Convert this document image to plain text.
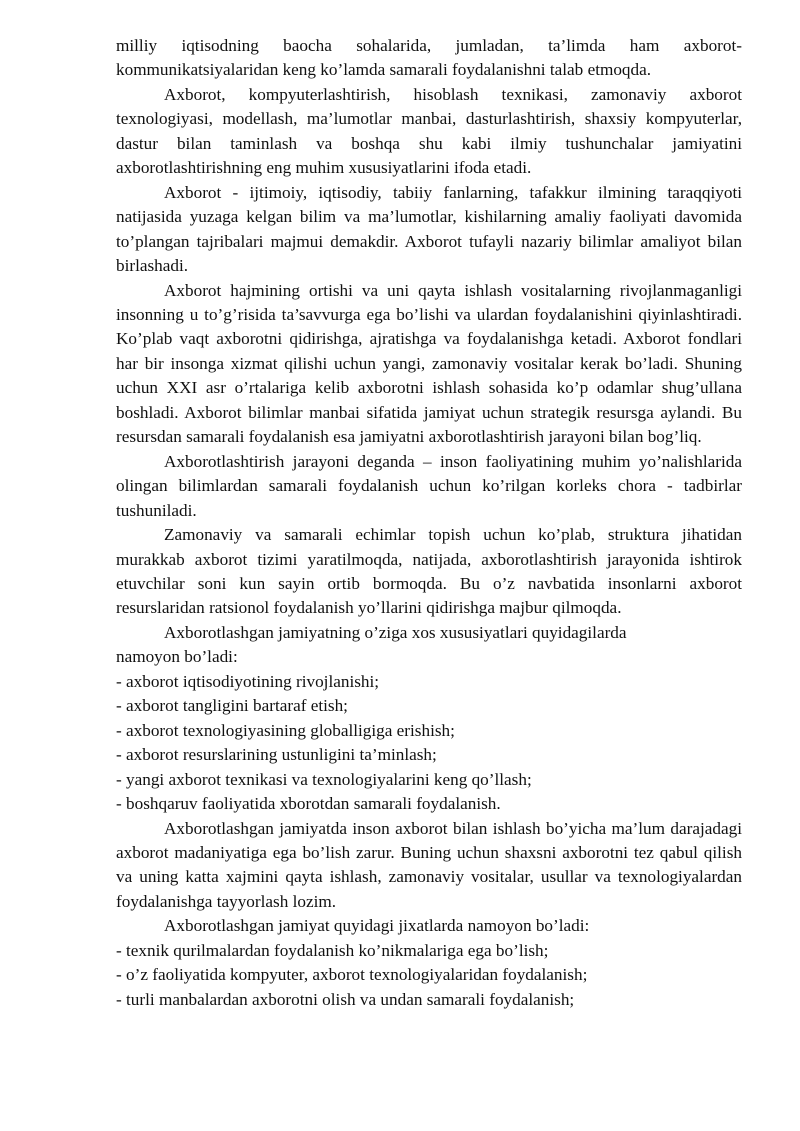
milliy iqtisodning baocha sohalarida, jumladan, ta’limda ham axborot-kommunikatsiyalaridan keng ko’lamda samarali foydalanishni talab etmoqda.

Axborot, kompyuterlashtirish, hisoblash texnikasi, zamonaviy axborot texnologiyasi, modellash, ma’lumotlar manbai, dasturlashtirish, shaxsiy kompyuterlar, dastur bilan taminlash va boshqa shu kabi ilmiy tushunchalar jamiyatini axborotlashtirishning eng muhim xususiyatlarini ifoda etadi.

Axborot - ijtimoiy, iqtisodiy, tabiiy fanlarning, tafakkur ilmining taraqqiyoti natijasida yuzaga kelgan bilim va ma’lumotlar, kishilarning amaliy faoliyati davomida to’plangan tajribalari majmui demakdir. Axborot tufayli nazariy bilimlar amaliyot bilan birlashadi.

Axborot hajmining ortishi va uni qayta ishlash vositalarning rivojlanmaganligi insonning u to’g’risida ta’savvurga ega bo’lishi va ulardan foydalanishini qiyinlashtiradi. Ko’plab vaqt axborotni qidirishga, ajratishga va foydalanishga ketadi. Axborot fondlari har bir insonga xizmat qilishi uchun yangi, zamonaviy vositalar kerak bo’ladi. Shuning uchun XXI asr o’rtalariga kelib axborotni ishlash sohasida ko’p odamlar shug’ullana boshladi. Axborot bilimlar manbai sifatida jamiyat uchun strategik resursga aylandi. Bu resursdan samarali foydalanish esa jamiyatni axborotlashtirish jarayoni bilan bog’liq.

Axborotlashtirish jarayoni deganda – inson faoliyatining muhim yo’nalishlarida olingan bilimlardan samarali foydalanish uchun ko’rilgan korleks chora - tadbirlar tushuniladi.

Zamonaviy va samarali echimlar topish uchun ko’plab, struktura jihatidan murakkab axborot tizimi yaratilmoqda, natijada, axborotlashtirish jarayonida ishtirok etuvchilar soni kun sayin ortib bormoqda. Bu o’z navbatida insonlarni axborot resurslaridan ratsionol foydalanish yo’llarini qidirishga majbur qilmoqda.

Axborotlashgan jamiyatning o’ziga xos xususiyatlari quyidagilarda

namoyon bo’ladi:

- axborot iqtisodiyotining rivojlanishi;

- axborot tangligini bartaraf etish;

- axborot texnologiyasining globalligiga erishish;

- axborot resurslarining ustunligini ta’minlash;

- yangi axborot texnikasi va texnologiyalarini keng qo’llash;

- boshqaruv faoliyatida xborotdan samarali foydalanish.

Axborotlashgan jamiyatda inson axborot bilan ishlash bo’yicha ma’lum darajadagi axborot madaniyatiga ega bo’lish zarur. Buning uchun shaxsni axborotni tez qabul qilish va uning katta xajmini qayta ishlash, zamonaviy vositalar, usullar va texnologiyalardan foydalanishga tayyorlash lozim.

Axborotlashgan jamiyat quyidagi jixatlarda namoyon bo’ladi:

- texnik qurilmalardan foydalanish ko’nikmalariga ega bo’lish;

- o’z faoliyatida kompyuter, axborot texnologiyalaridan foydalanish;

- turli manbalardan axborotni olish va undan samarali foydalanish;
